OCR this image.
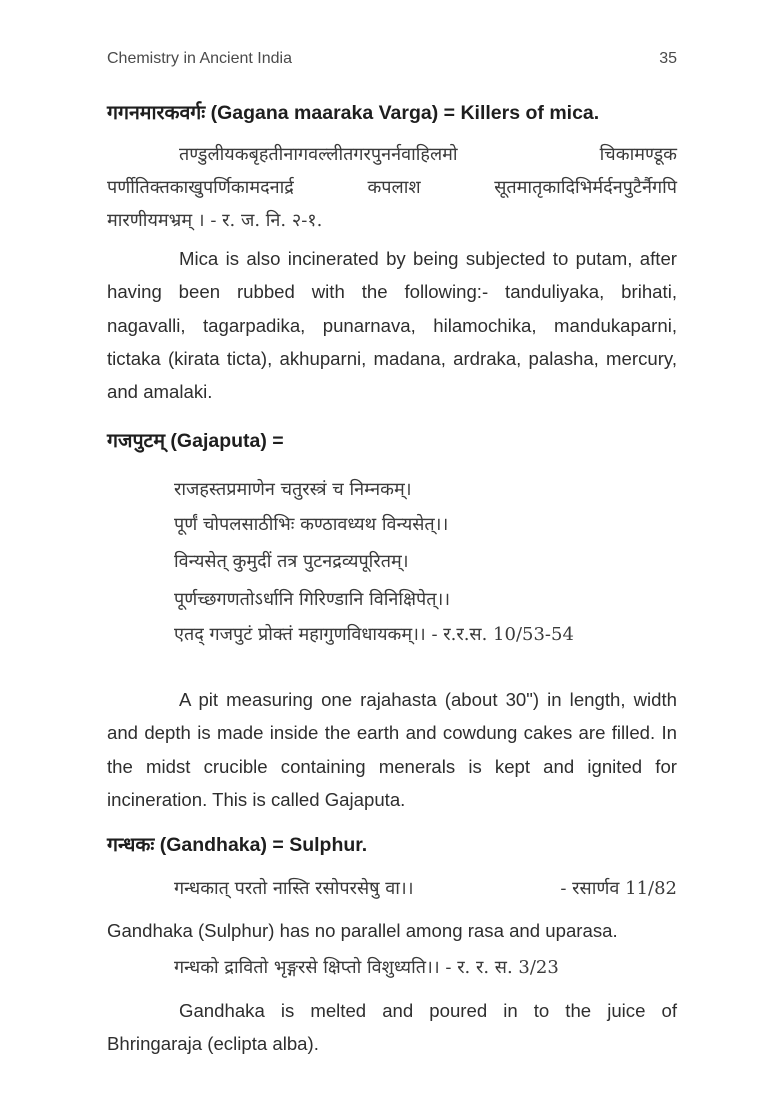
Chemistry in Ancient India	35
गगनमारकवर्गः (Gagana maaraka Varga) = Killers of mica.
तण्डुलीयकबृहतीनागवल्लीतगरपुनर्नवाहिलमो चिकामण्डूक
पर्णीतिक्तकाखुपर्णिकामदनार्द्र कपलाश सूतमातृकादिभिर्मर्दनपुटैर्नैगपि
मारणीयमभ्रम् । - र. ज. नि. २-१.

Mica is also incinerated by being subjected to putam, after having been rubbed with the following:- tanduliyaka, brihati, nagavalli, tagarpadika, punarnava, hilamochika, mandukaparni, tictaka (kirata ticta), akhuparni, madana, ardraka, palasha, mercury, and amalaki.

गजपुटम् (Gajaputa) =
राजहस्तप्रमाणेन चतुरस्त्रं च निम्नकम्।
पूर्णं चोपलसाठीभिः कण्ठावध्यथ विन्यसेत्।।
विन्यसेत् कुमुदीं तत्र पुटनद्रव्यपूरितम्।
पूर्णच्छगणतोऽर्धानि गिरिण्डानि विनिक्षिपेत्।।
एतद् गजपुटं प्रोक्तं महागुणविधायकम्।। - र.र.स. 10/53-54

A pit measuring one rajahasta (about 30") in length, width and depth is made inside the earth and cowdung cakes are filled. In the midst crucible containing menerals is kept and ignited for incineration. This is called Gajaputa.

गन्धकः (Gandhaka) = Sulphur.
गन्धकात् परतो नास्ति रसोपरसेषु वा।।	- रसार्णव 11/82
Gandhaka (Sulphur) has no parallel among rasa and uparasa.
गन्धको द्रावितो भृङ्गरसे क्षिप्तो विशुध्यति।। - र. र. स. 3/23

Gandhaka is melted and poured in to the juice of Bhringaraja (eclipta alba).
